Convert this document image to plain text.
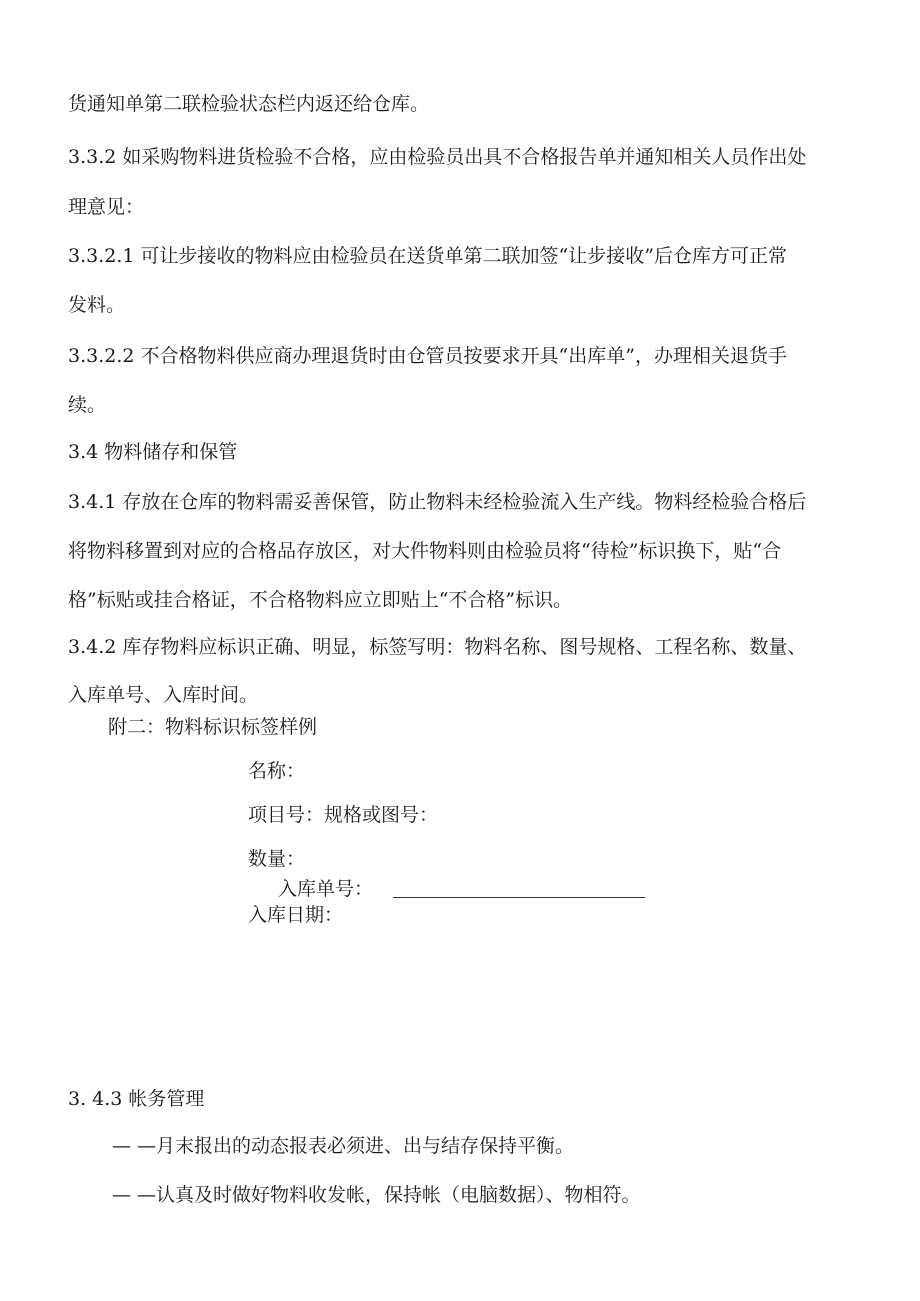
货通知单第二联检验状态栏内返还给仓库。
3.3.2 如采购物料进货检验不合格，应由检验员出具不合格报告单并通知相关人员作出处
理意见：
3.3.2.1 可让步接收的物料应由检验员在送货单第二联加签“让步接收”后仓库方可正常
发料。
3.3.2.2 不合格物料供应商办理退货时由仓管员按要求开具“出库单”，办理相关退货手
续。
3.4 物料储存和保管
3.4.1 存放在仓库的物料需妥善保管，防止物料未经检验流入生产线。物料经检验合格后
将物料移置到对应的合格品存放区，对大件物料则由检验员将“待检”标识换下，贴“合
格”标贴或挂合格证，不合格物料应立即贴上“不合格”标识。
3.4.2 库存物料应标识正确、明显，标签写明：物料名称、图号规格、工程名称、数量、
入库单号、入库时间。
附二：物料标识标签样例
名称：
项目号：规格或图号：
数量：
入库单号：
入库日期：
3. 4.3 帐务管理
— —月末报出的动态报表必须进、出与结存保持平衡。
— —认真及时做好物料收发帐，保持帐（电脑数据）、物相符。
